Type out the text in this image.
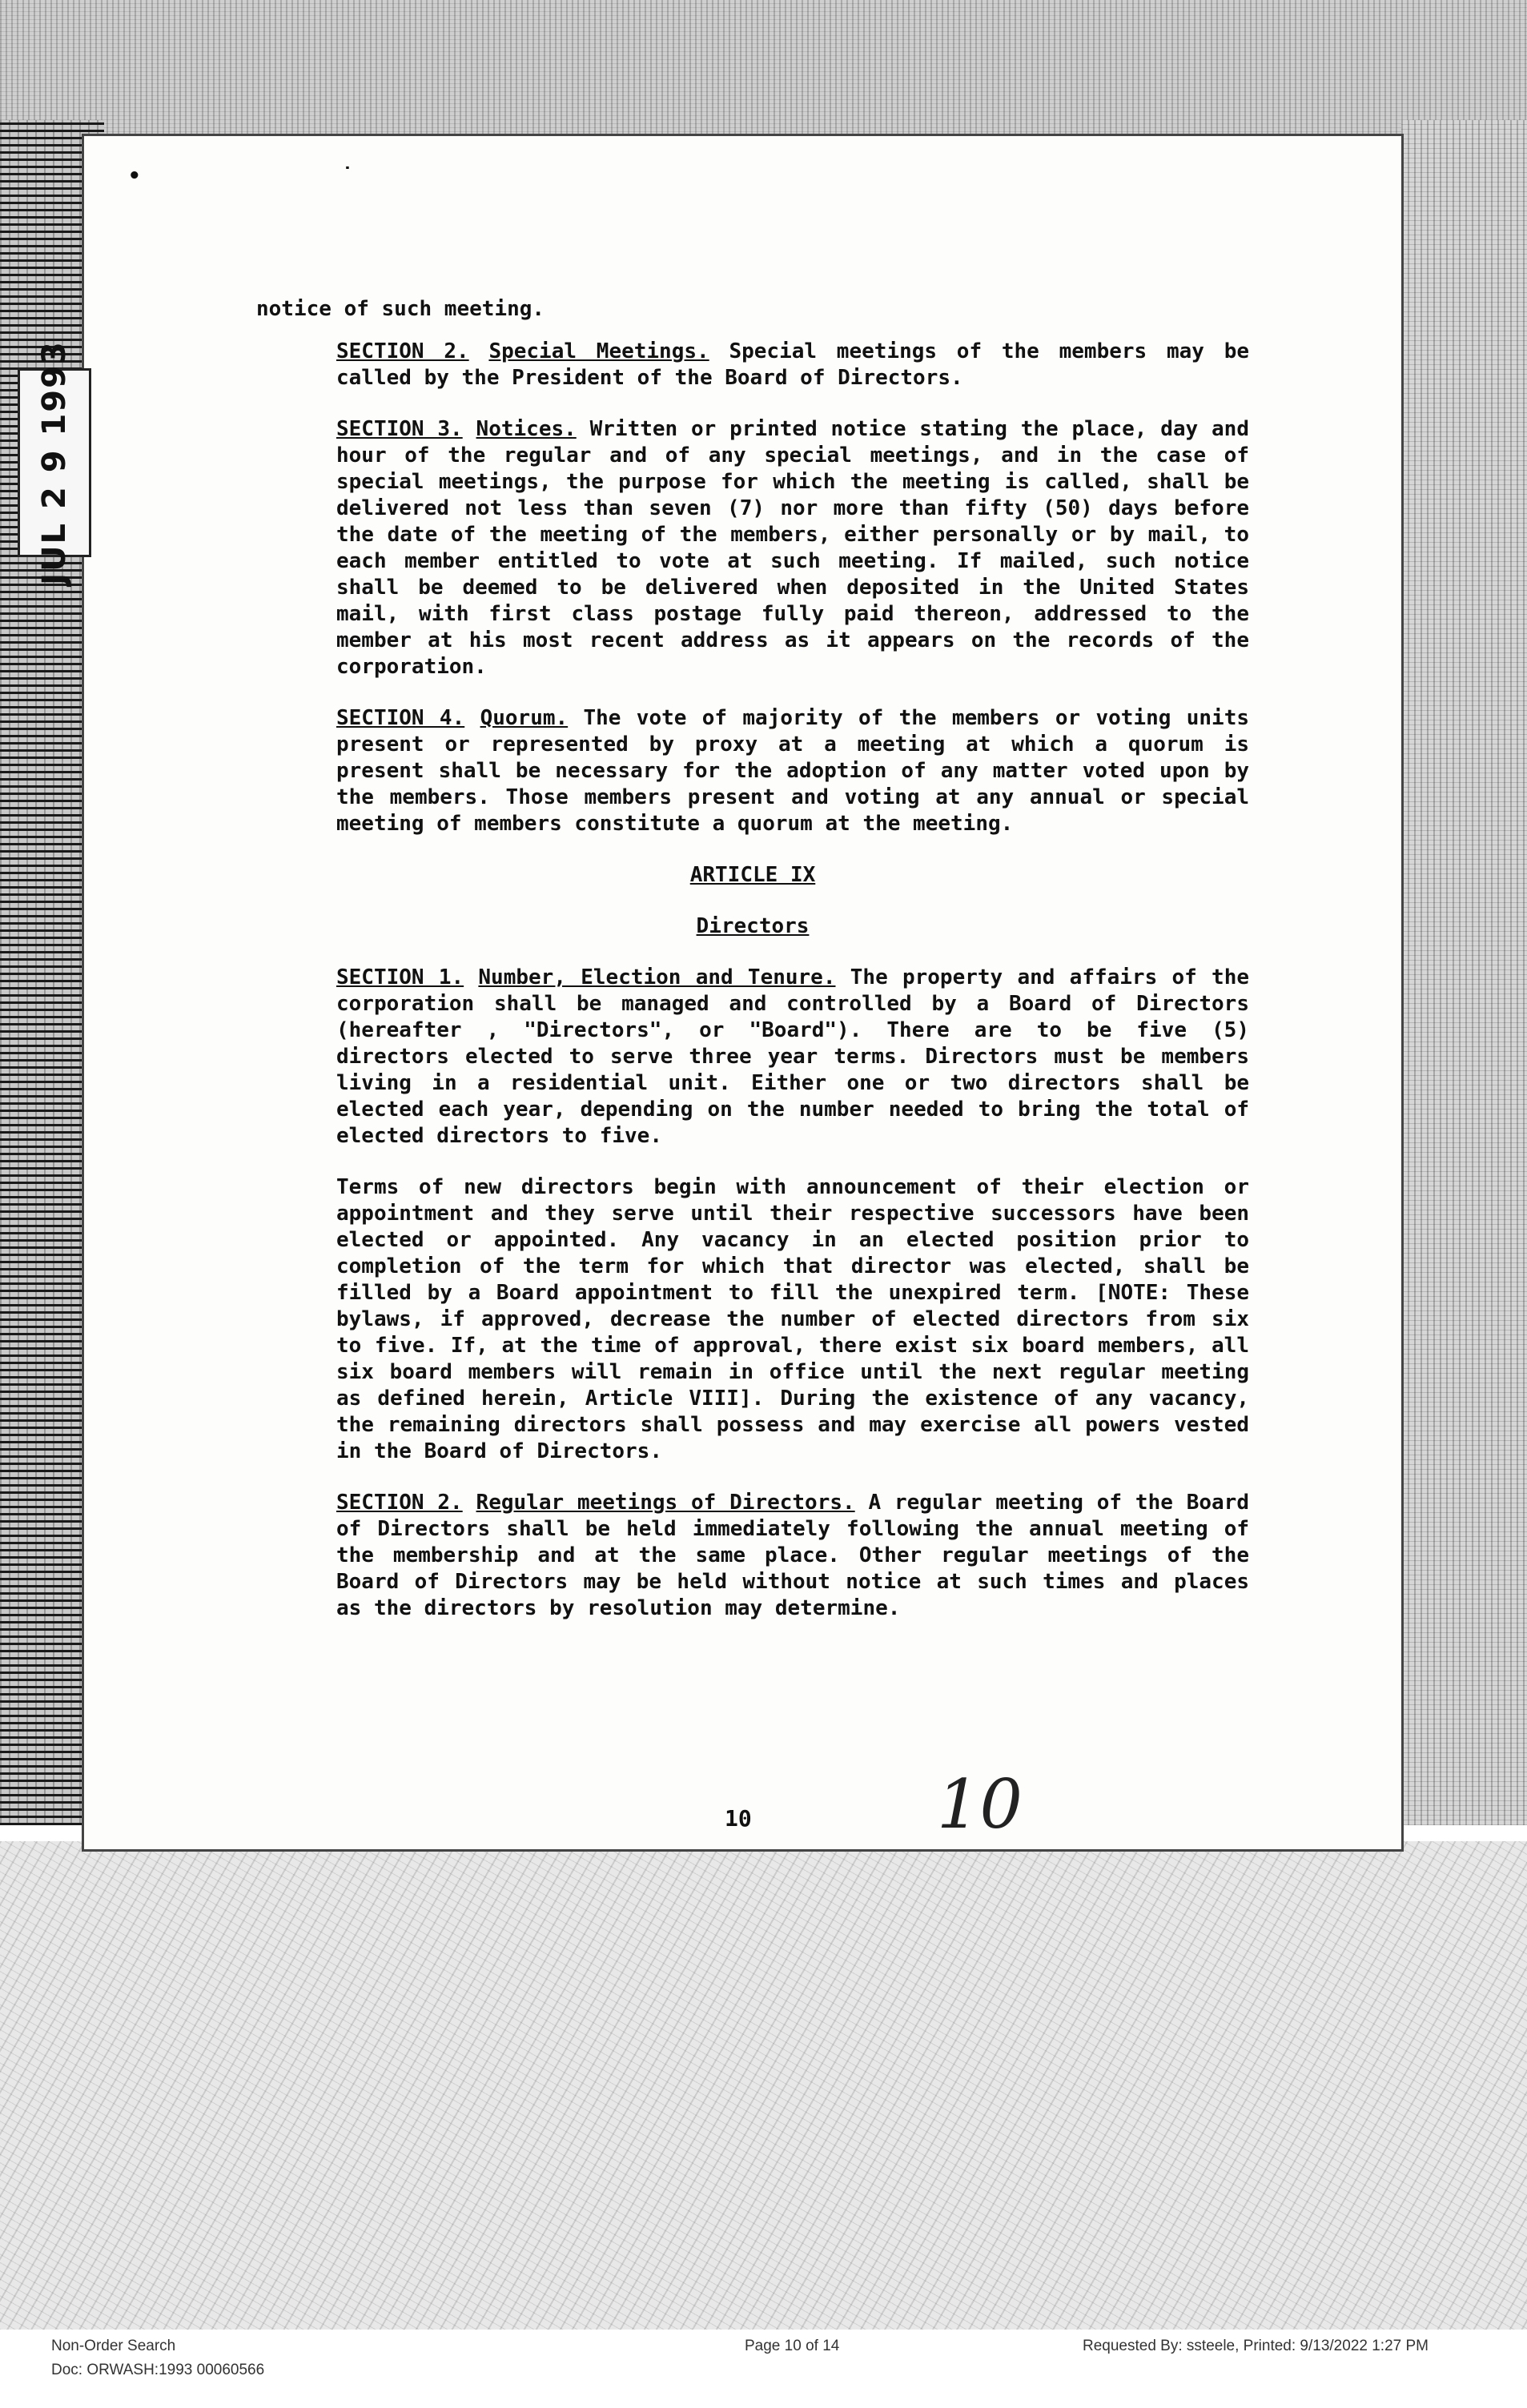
JUL 2 9 1993
•                ˙

notice of such meeting.

SECTION 2. Special Meetings. Special meetings of the members may be called by the President of the Board of Directors.

SECTION 3. Notices. Written or printed notice stating the place, day and hour of the regular and of any special meetings, and in the case of special meetings, the purpose for which the meeting is called, shall be delivered not less than seven (7) nor more than fifty (50) days before the date of the meeting of the members, either personally or by mail, to each member entitled to vote at such meeting. If mailed, such notice shall be deemed to be delivered when deposited in the United States mail, with first class postage fully paid thereon, addressed to the member at his most recent address as it appears on the records of the corporation.

SECTION 4. Quorum. The vote of majority of the members or voting units present or represented by proxy at a meeting at which a quorum is present shall be necessary for the adoption of any matter voted upon by the members. Those members present and voting at any annual or special meeting of members constitute a quorum at the meeting.

ARTICLE IX

Directors

SECTION 1. Number, Election and Tenure. The property and affairs of the corporation shall be managed and controlled by a Board of Directors (hereafter , "Directors", or "Board"). There are to be five (5) directors elected to serve three year terms. Directors must be members living in a residential unit. Either one or two directors shall be elected each year, depending on the number needed to bring the total of elected directors to five.

Terms of new directors begin with announcement of their election or appointment and they serve until their respective successors have been elected or appointed. Any vacancy in an elected position prior to completion of the term for which that director was elected, shall be filled by a Board appointment to fill the unexpired term. [NOTE: These bylaws, if approved, decrease the number of elected directors from six to five. If, at the time of approval, there exist six board members, all six board members will remain in office until the next regular meeting as defined herein, Article VIII]. During the existence of any vacancy, the remaining directors shall possess and may exercise all powers vested in the Board of Directors.

SECTION 2. Regular meetings of Directors. A regular meeting of the Board of Directors shall be held immediately following the annual meeting of the membership and at the same place. Other regular meetings of the Board of Directors may be held without notice at such times and places as the directors by resolution may determine.

10	10
Non-Order Search	Page 10 of 14	Requested By: ssteele, Printed: 9/13/2022 1:27 PM
Doc: ORWASH:1993 00060566
